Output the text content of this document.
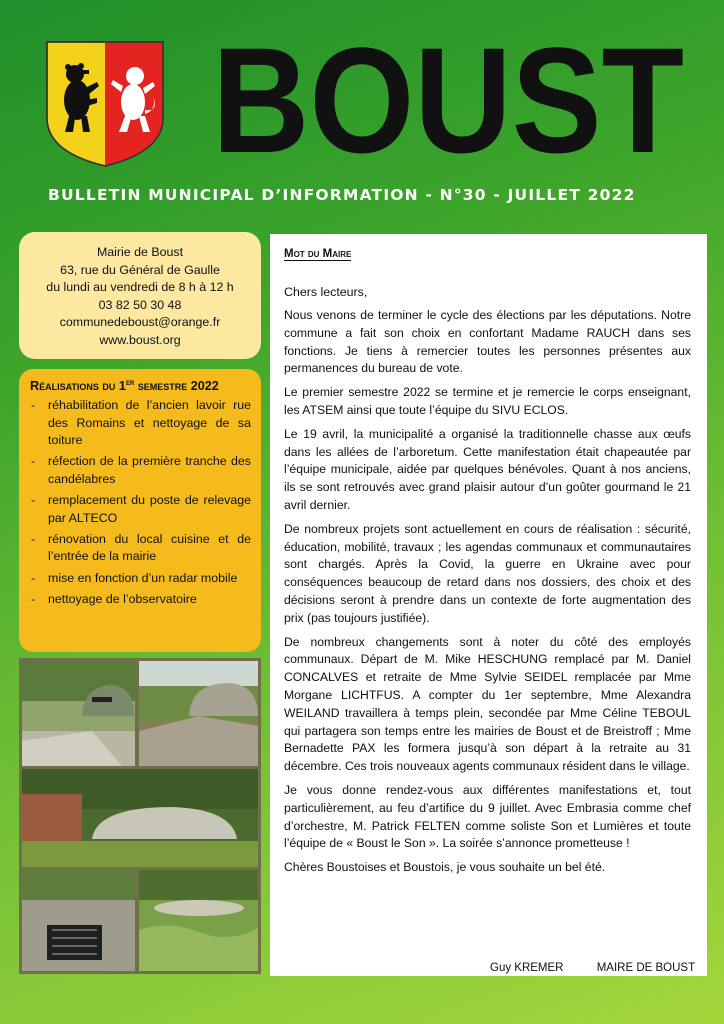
BOUST
BULLETIN MUNICIPAL D’INFORMATION - N°30 - JUILLET 2022
Mairie de Boust
63, rue du Général de Gaulle
du lundi au vendredi de 8 h à 12 h
03 82 50 30 48
communedeboust@orange.fr
www.boust.org
Réalisations du 1er semestre 2022
- réhabilitation de l’ancien lavoir rue des Romains et nettoyage de sa toiture
- réfection de la première tranche des candélabres
- remplacement du poste de relevage par ALTECO
- rénovation du local cuisine et de l’entrée de la mairie
- mise en fonction d’un radar mobile
- nettoyage de l’observatoire
Mot du Maire
Chers lecteurs,

Nous venons de terminer le cycle des élections par les députations. Notre commune a fait son choix en confortant Madame RAUCH dans ses fonctions. Je tiens à remercier toutes les personnes présentes aux permanences du bureau de vote.

Le premier semestre 2022 se termine et je remercie le corps enseignant, les ATSEM ainsi que toute l’équipe du SIVU ECLOS.

Le 19 avril, la municipalité a organisé la traditionnelle chasse aux œufs dans les allées de l’arboretum. Cette manifestation était chapeautée par l’équipe municipale, aidée par quelques bénévoles. Quant à nos anciens, ils se sont retrouvés avec grand plaisir autour d’un goûter gourmand le 21 avril dernier.

De nombreux projets sont actuellement en cours de réalisation : sécurité, éducation, mobilité, travaux ; les agendas communaux et communautaires sont chargés. Après la Covid, la guerre en Ukraine avec pour conséquences beaucoup de retard dans nos dossiers, des choix et des décisions seront à prendre dans un contexte de forte augmentation des prix (pas toujours justifiée).

De nombreux changements sont à noter du côté des employés communaux. Départ de M. Mike HESCHUNG remplacé par M. Daniel CONCALVES et retraite de Mme Sylvie SEIDEL remplacée par Mme Morgane LICHTFUS. A compter du 1er septembre, Mme Alexandra WEILAND travaillera à temps plein, secondée par Mme Céline TEBOUL qui partagera son temps entre les mairies de Boust et de Breistroff ; Mme Bernadette PAX les formera jusqu’à son départ à la retraite au 31 décembre. Ces trois nouveaux agents communaux résident dans le village.

Je vous donne rendez-vous aux différentes manifestations et, tout particulièrement, au feu d’artifice du 9 juillet. Avec Embrasia comme chef d’orchestre, M. Patrick FELTEN comme soliste Son et Lumières et toute l’équipe de « Boust le Son ». La soirée s’annonce prometteuse !

Chères Boustoises et Boustois, je vous souhaite un bel été.

Guy KREMER	MAIRE DE BOUST
